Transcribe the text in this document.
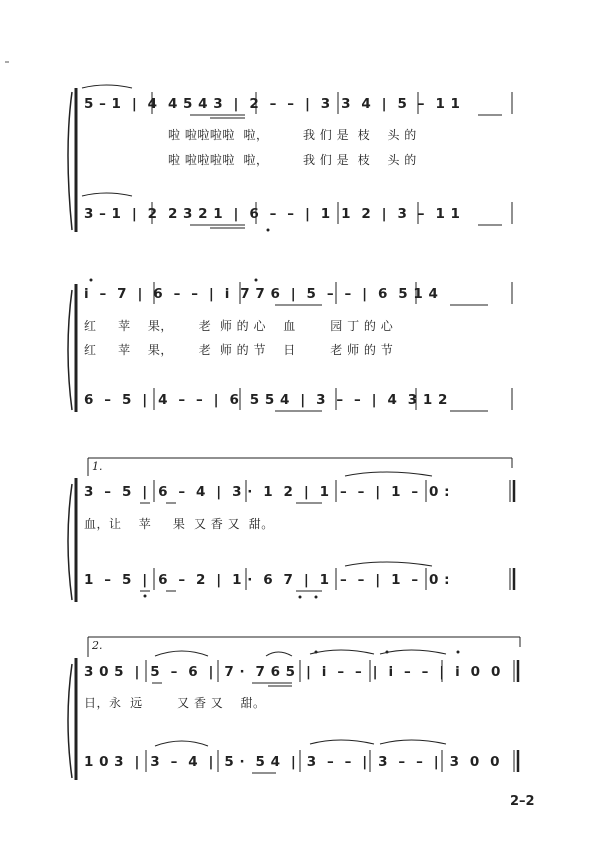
5 – 1  |  4  4 5 4 3  |  2  –  –  |  3  3  4  |  5  –  1 1
啦 啦啦啦啦  啦，        我 们 是  枝    头 的
啦 啦啦啦啦  啦，        我 们 是  枝    头 的
3 – 1  |  2  2 3 2 1  |  6  –  –  |  1  1  2  |  3  –  1 1
i  –  7  |  6  –  –  |  i  7 7 6  |  5  –  –  |  6  5 1 4
红     苹    果，      老  师 的 心    血        园 丁 的 心
红     苹    果，      老  师 的 节    日        老 师 的 节
6  –  5  |  4  –  –  |  6  5 5 4  |  3  –  –  |  4  3 1 2
1.
3  –  5  |  6  –  4  |  3 ·  1  2  |  1  –  –  |  1  –  0 :
血，让    苹     果  又 香 又  甜。
1  –  5  |  6  –  2  |  1 ·  6  7  |  1  –  –  |  1  –  0 :
2.
3 0 5  |  5  –  6  |  7 ·  7 6 5  |  i  –  –  |  i  –  –  |  i  0  0
日，永  远        又 香 又    甜。
1 0 3  |  3  –  4  |  5 ·  5 4  |  3  –  –  |  3  –  –  |  3  0  0
2–2
